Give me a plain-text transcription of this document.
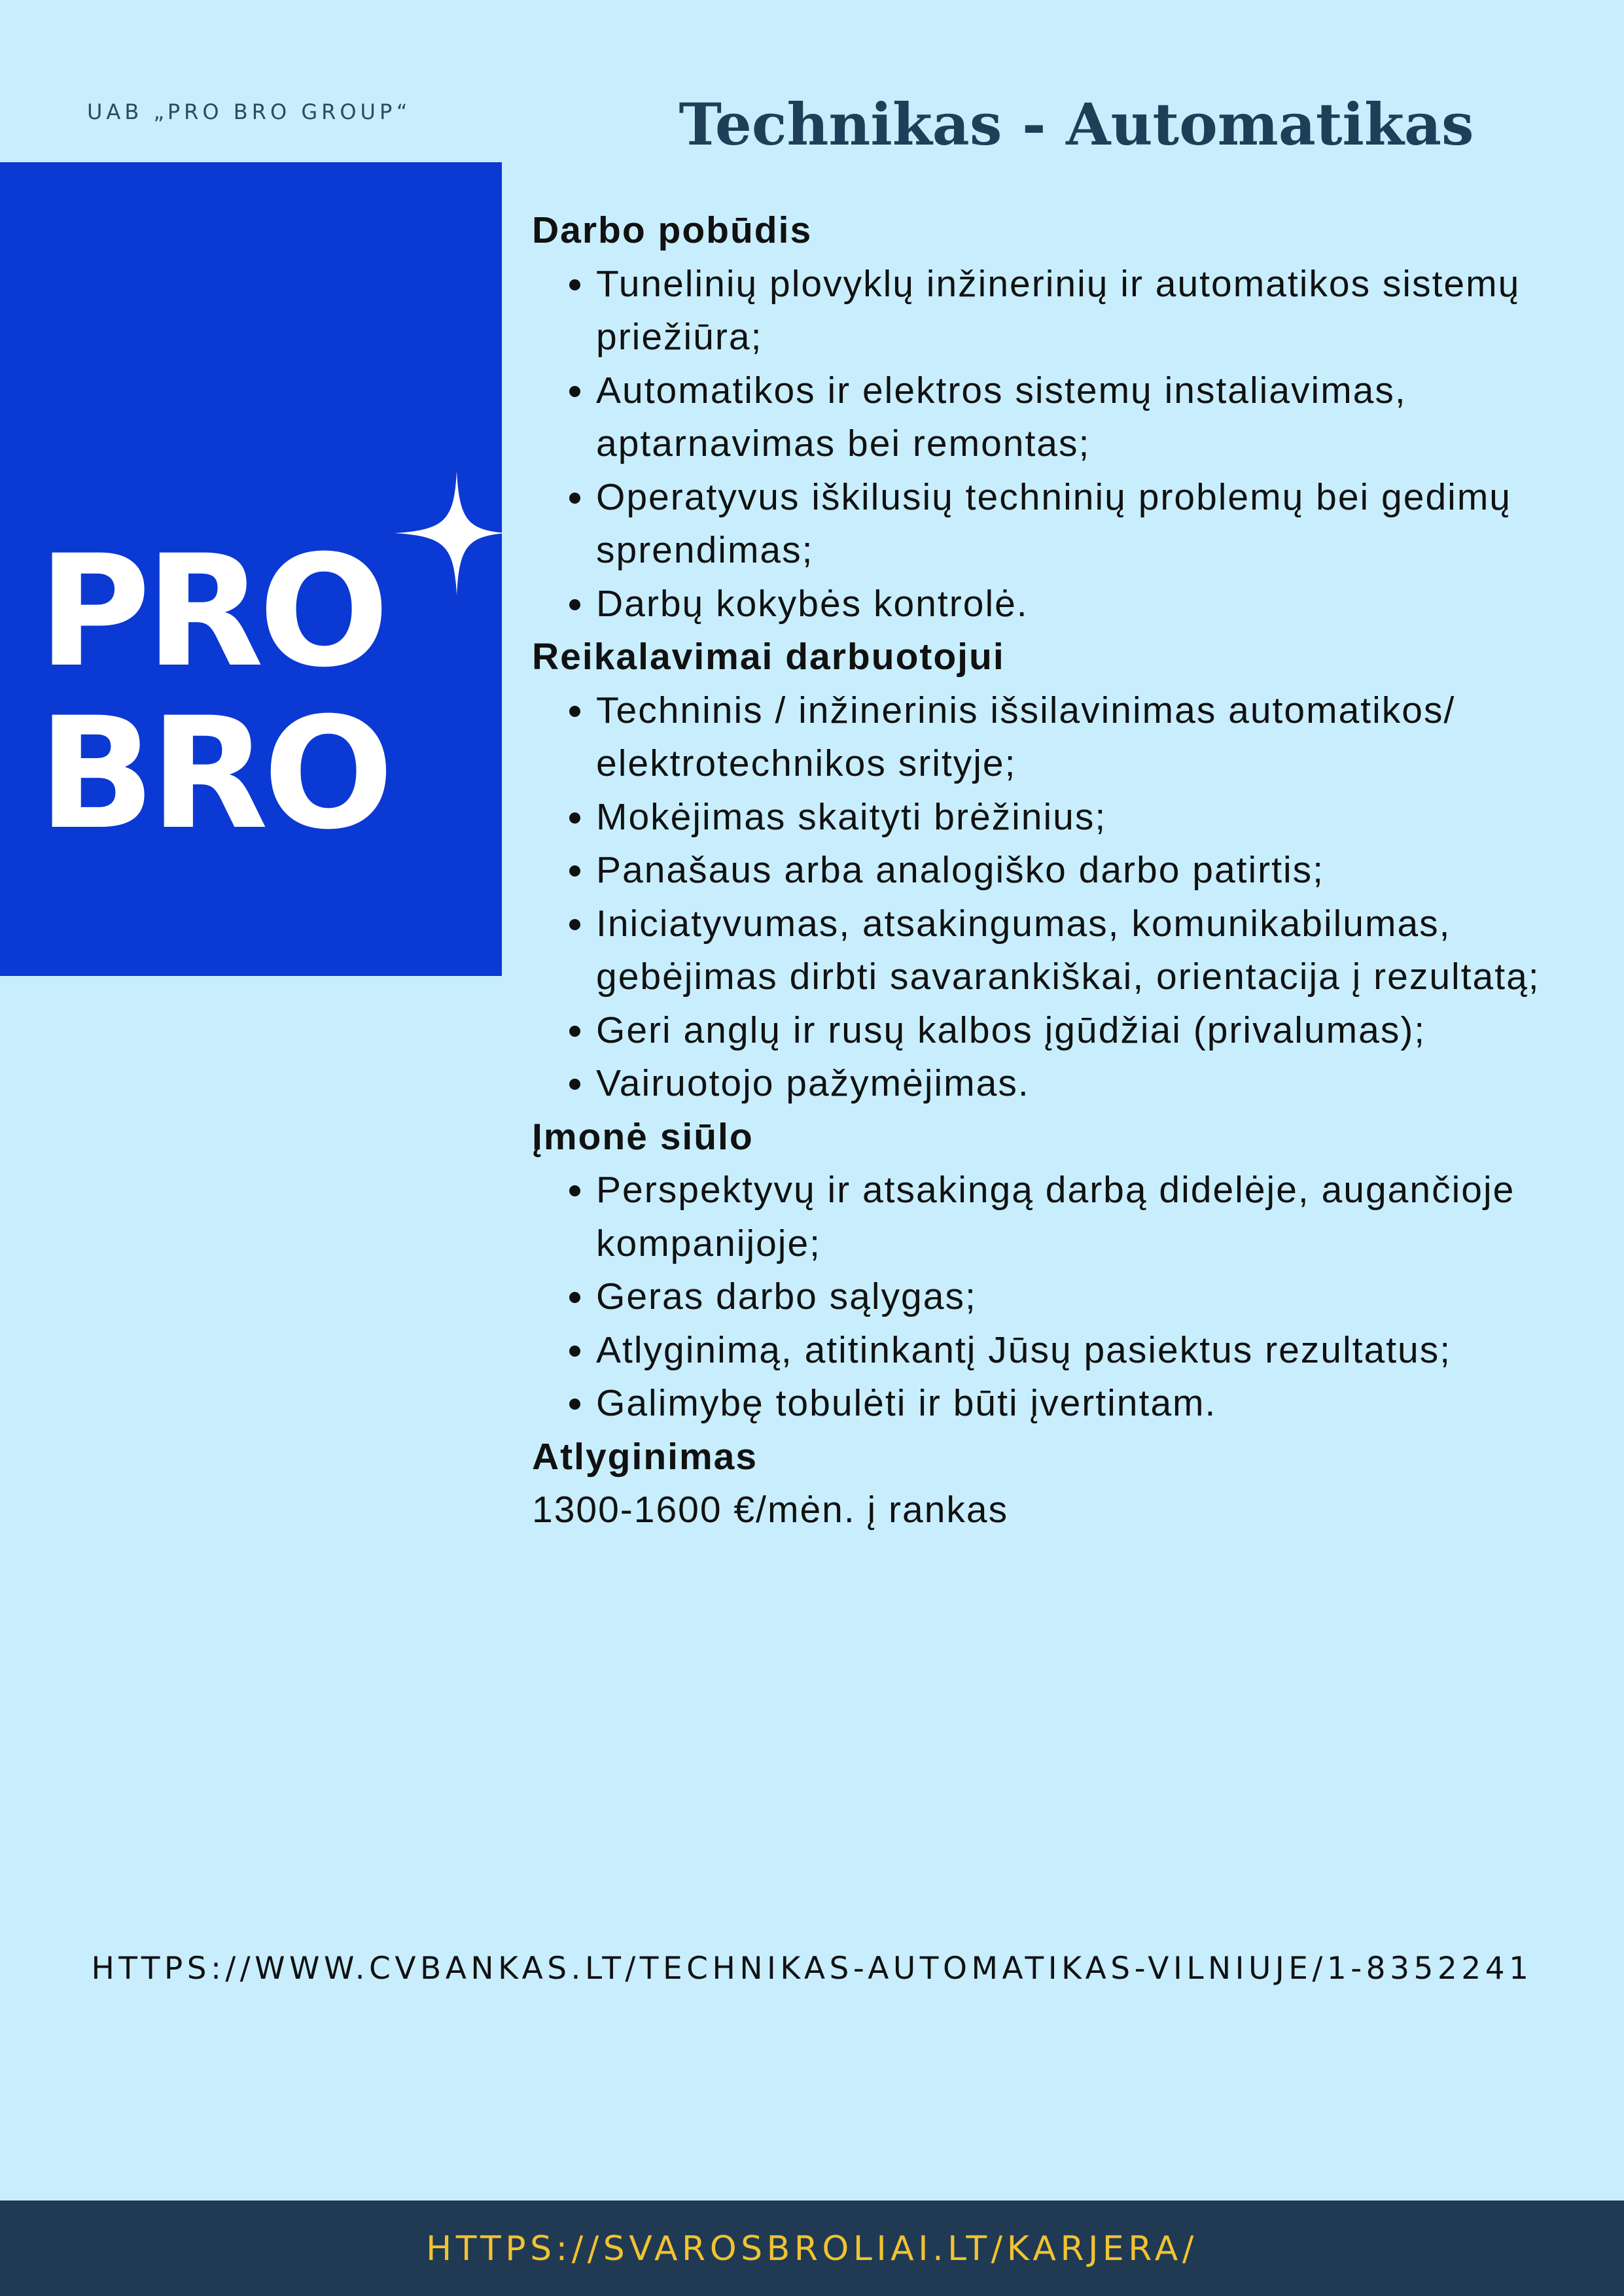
UAB „PRO BRO GROUP“	Technikas - Automatikas
PRO
BRO
Darbo pobūdis
• Tunelinių plovyklų inžinerinių ir automatikos sistemų priežiūra;
• Automatikos ir elektros sistemų instaliavimas, aptarnavimas bei remontas;
• Operatyvus iškilusių techninių problemų bei gedimų sprendimas;
• Darbų kokybės kontrolė.
Reikalavimai darbuotojui
• Techninis / inžinerinis išsilavinimas automatikos/ elektrotechnikos srityje;
• Mokėjimas skaityti brėžinius;
• Panašaus arba analogiško darbo patirtis;
• Iniciatyvumas, atsakingumas, komunikabilumas, gebėjimas dirbti savarankiškai, orientacija į rezultatą;
• Geri anglų ir rusų kalbos įgūdžiai (privalumas);
• Vairuotojo pažymėjimas.
Įmonė siūlo
• Perspektyvų ir atsakingą darbą didelėje, augančioje kompanijoje;
• Geras darbo sąlygas;
• Atlyginimą, atitinkantį Jūsų pasiektus rezultatus;
• Galimybę tobulėti ir būti įvertintam.
Atlyginimas

1300-1600 €/mėn. į rankas

HTTPS://WWW.CVBANKAS.LT/TECHNIKAS-AUTOMATIKAS-VILNIUJE/1-8352241
HTTPS://SVAROSBROLIAI.LT/KARJERA/
